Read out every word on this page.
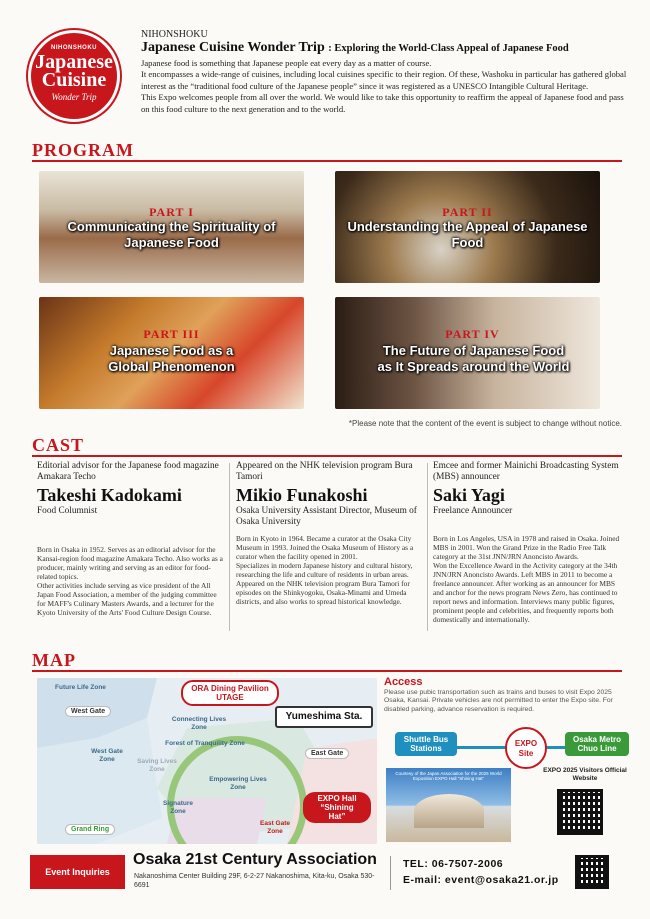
NIHONSHOKU
Japanese Cuisine
Wonder Trip
NIHONSHOKU
Japanese Cuisine Wonder Trip : Exploring the World-Class Appeal of Japanese Food

Japanese food is something that Japanese people eat every day as a matter of course.

It encompasses a wide-range of cuisines, including local cuisines specific to their region. Of these, Washoku in particular has gathered global interest as the “traditional food culture of the Japanese people” since it was registered as a UNESCO Intangible Cultural Heritage.

This Expo welcomes people from all over the world. We would like to take this opportunity to reaffirm the appeal of Japanese food and pass on this food culture to the next generation and to the world.

PROGRAM
PART I
Communicating the Spirituality of Japanese Food
PART II
Understanding the Appeal of Japanese Food
PART III
Japanese Food as a Global Phenomenon
PART IV
The Future of Japanese Food as It Spreads around the World
*Please note that the content of the event is subject to change without notice.
CAST
Editorial advisor for the Japanese food magazine Amakara Techo
Takeshi Kadokami
Food Columnist

Born in Osaka in 1952. Serves as an editorial advisor for the Kansai-region food magazine Amakara Techo. Also works as a producer, mainly writing and serving as an editor for food-related topics.

Other activities include serving as vice president of the All Japan Food Association, a member of the judging committee for MAFF's Culinary Masters Awards, and a lecturer for the Kyoto University of the Arts' Food Culture Design Course.

Appeared on the NHK television program Bura Tamori
Mikio Funakoshi
Osaka University Assistant Director, Museum of Osaka University

Born in Kyoto in 1964. Became a curator at the Osaka City Museum in 1993. Joined the Osaka Museum of History as a curator when the facility opened in 2001.

Specializes in modern Japanese history and cultural history, researching the life and culture of residents in urban areas.

Appeared on the NHK television program Bura Tamori for episodes on the Shinkyogoku, Osaka-Minami and Umeda districts, and also works to spread historical knowledge.

Emcee and former Mainichi Broadcasting System (MBS) announcer
Saki Yagi
Freelance Announcer

Born in Los Angeles, USA in 1978 and raised in Osaka. Joined MBS in 2001. Won the Grand Prize in the Radio Free Talk category at the 31st JNN/JRN Anoncisto Awards.

Won the Excellence Award in the Activity category at the 34th JNN/JRN Anoncisto Awards. Left MBS in 2011 to become a freelance announcer. After working as an announcer for MBS and anchor for the news program News Zero, has continued to report news and information. Interviews many public figures, prominent people and celebrities, and frequently reports both domestically and internationally.

MAP
Future Life Zone
West Gate
West Gate Zone
Connecting Lives Zone
Forest of Tranquility Zone
Saving Lives Zone
Empowering Lives Zone
Signature Zone
East Gate
East Gate Zone
Grand Ring
ORA Dining Pavilion UTAGE
Yumeshima Sta.
EXPO Hall “Shining Hat”
Access
Please use pubic transportation such as trains and buses to visit Expo 2025 Osaka, Kansai. Private vehicles are not permitted to enter the Expo site. For disabled parking, advance reservation is required.
Shuttle Bus Stations
EXPO Site
Osaka Metro Chuo Line
Courtesy of the Japan Association for the 2025 World Exposition EXPO Hall “Shining Hat”
EXPO 2025 Visitors Official Website
Event Inquiries
Osaka 21st Century Association
Nakanoshima Center Building 29F, 6-2-27 Nakanoshima, Kita-ku, Osaka 530-6691
TEL: 06-7507-2006
E-mail: event@osaka21.or.jp
